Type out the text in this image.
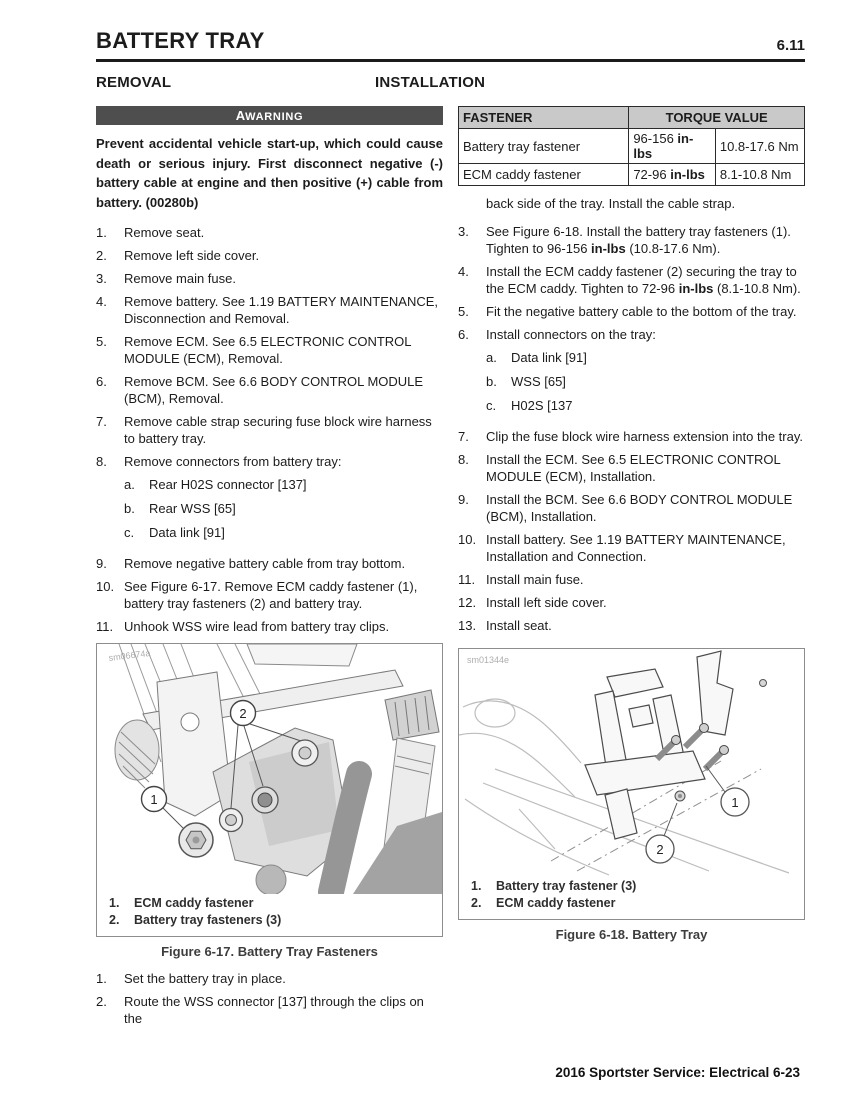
BATTERY TRAY	6.11
REMOVAL	INSTALLATION
AWARNING
Prevent accidental vehicle start-up, which could cause death or serious injury. First disconnect negative (-) battery cable at engine and then positive (+) cable from battery. (00280b)
1.	Remove seat.
2.	Remove left side cover.
3.	Remove main fuse.
4.	Remove battery. See 1.19 BATTERY MAINTENANCE, Disconnection and Removal.
5.	Remove ECM. See 6.5 ELECTRONIC CONTROL MODULE (ECM), Removal.
6.	Remove BCM. See 6.6 BODY CONTROL MODULE (BCM), Removal.
7.	Remove cable strap securing fuse block wire harness to battery tray.
8.	Remove connectors from battery tray:
a.	Rear H02S connector [137]
b.	Rear WSS [65]
c.	Data link [91]
9.	Remove negative battery cable from tray bottom.
10. See Figure 6-17. Remove ECM caddy fastener (1), battery tray fasteners (2) and battery tray.
11. Unhook WSS wire lead from battery tray clips.
sm06674a
2
1
1.	ECM caddy fastener
2.	Battery tray fasteners (3)
Figure 6-17. Battery Tray Fasteners
1.	Set the battery tray in place.
2.	Route the WSS connector [137] through the clips on the
FASTENER	TORQUE VALUE	
Battery tray fastener	96-156 in-lbs	10.8-17.6 Nm
ECM caddy fastener	72-96 in-lbs	8.1-10.8 Nm
back side of the tray. Install the cable strap.
3.	See Figure 6-18. Install the battery tray fasteners (1). Tighten to 96-156 in-lbs (10.8-17.6 Nm).
4.	Install the ECM caddy fastener (2) securing the tray to the ECM caddy. Tighten to 72-96 in-lbs (8.1-10.8 Nm).
5.	Fit the negative battery cable to the bottom of the tray.
6.	Install connectors on the tray:
a.	Data link [91]
b.	WSS [65]
c.	H02S [137
7.	Clip the fuse block wire harness extension into the tray.
8.	Install the ECM. See 6.5 ELECTRONIC CONTROL MODULE (ECM), Installation.
9.	Install the BCM. See 6.6 BODY CONTROL MODULE (BCM), Installation.
10. Install battery. See 1.19 BATTERY MAINTENANCE, Installation and Connection.
11. Install main fuse.
12. Install left side cover.
13. Install seat.
sm01344e
1
2
1.	Battery tray fastener (3)
2.	ECM caddy fastener
Figure 6-18. Battery Tray
2016 Sportster Service: Electrical 6-23
